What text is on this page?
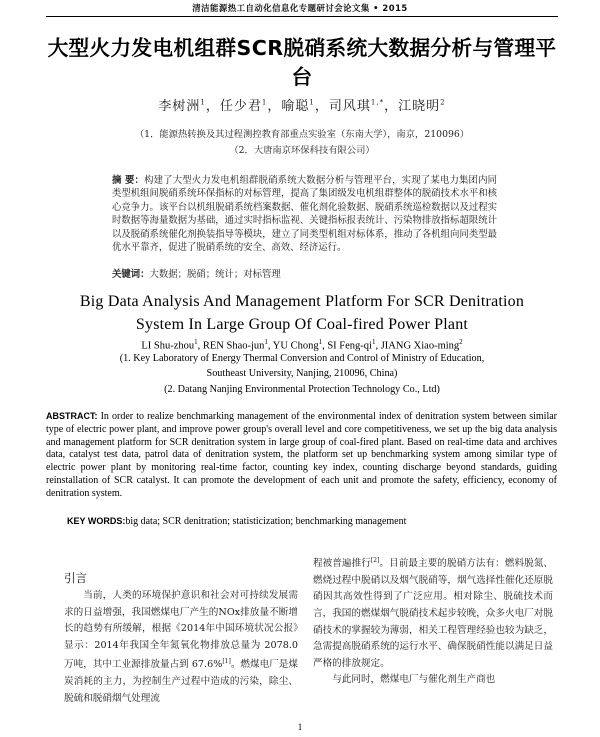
清洁能源热工自动化信息化专题研讨会论文集 • 2015
大型火力发电机组群SCR脱硝系统大数据分析与管理平台
李树洲$^1$，任少君$^1$，喻聪$^1$，司风琪$^{1,*}$，江晓明$^2$
（1．能源热转换及其过程测控教育部重点实验室（东南大学），南京，210096）
（2．大唐南京环保科技有限公司）
摘 要：构建了大型火力发电机组群脱硝系统大数据分析与管理平台，实现了某电力集团内同类型机组间脱硝系统环保指标的对标管理，提高了集团级发电机组群整体的脱硝技术水平和核心竞争力。该平台以机组脱硝系统档案数据、催化剂化验数据、脱硝系统巡检数据以及过程实时数据等海量数据为基础，通过实时指标监视、关键指标报表统计、污染物排放指标超限统计以及脱硝系统催化剂换装指导等模块，建立了同类型机组对标体系，推动了各机组向同类型最优水平靠齐，促进了脱硝系统的安全、高效、经济运行。
关键词：大数据；脱硝；统计；对标管理
Big Data Analysis And Management Platform For SCR Denitration
System In Large Group Of Coal-fired Power Plant
LI Shu-zhou$^1$, REN Shao-jun$^1$, YU Chong$^1$, SI Feng-$qi^1$, JIANG Xiao-ming$^2$
(1. Key Laboratory of Energy Thermal Conversion and Control of Ministry of Education,
Southeast University, Nanjing, 210096, China)
(2. Datang Nanjing Environmental Protection Technology Co., Ltd)
ABSTRACT: In order to realize benchmarking management of the environmental index of denitration system between similar type of electric power plant, and improve power group's overall level and core competitiveness, we set up the big data analysis and management platform for SCR denitration system in large group of coal-fired plant. Based on real-time data and archives data, catalyst test data, patrol data of denitration system, the platform set up benchmarking system among similar type of electric power plant by monitoring real-time factor, counting key index, counting discharge beyond standards, guiding reinstallation of SCR catalyst. It can promote the development of each unit and promote the safety, efficiency, economy of denitration system.
KEY WORDS:big data; SCR denitration; statisticization; benchmarking management
引言

当前，人类的环境保护意识和社会对可持续发展需求的日益增强，我国燃煤电厂产生的NOx排放量不断增长的趋势有所缓解，根据《2014年中国环境状况公报》显示：2014年我国全年氮氧化物排放总量为 2078.0 万吨，其中工业源排放量占到 67.6%[1]。燃煤电厂是煤炭消耗的主力，为控制生产过程中造成的污染，除尘、脱硫和脱硝烟气处理流

程被普遍推行[2]。目前最主要的脱硝方法有：燃料脱氮、燃烧过程中脱硝以及烟气脱硝等，烟气选择性催化还原脱硝因其高效性得到了广泛应用。相对除尘、脱硫技术而言，我国的燃煤烟气脱硝技术起步较晚，众多火电厂对脱硝技术的掌握较为薄弱，相关工程管理经验也较为缺乏，急需提高脱硝系统的运行水平、确保脱硝性能以满足日益严格的排放规定。

与此同时，燃煤电厂与催化剂生产商也

1
